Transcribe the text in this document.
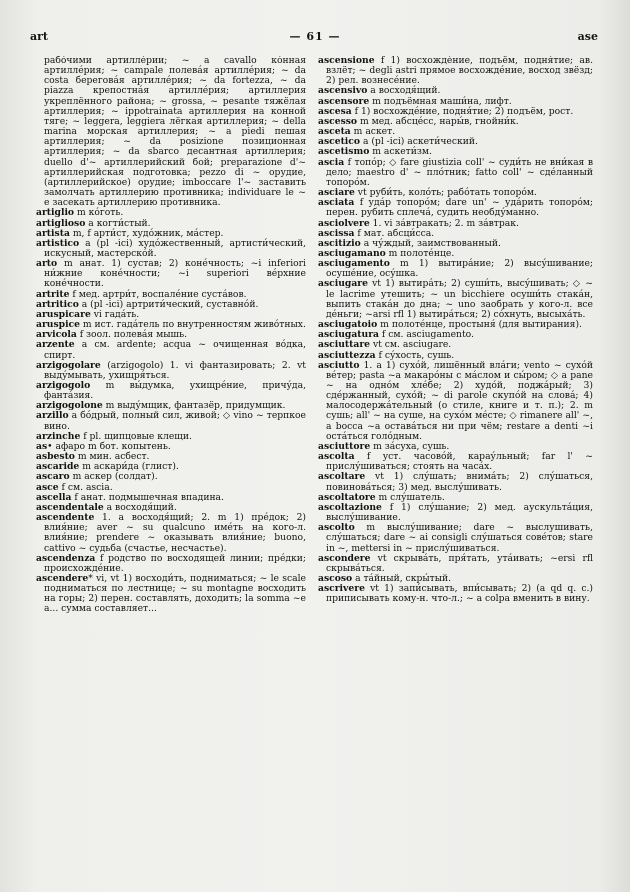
art	— 61 —	ase

рабо́чими артилле́рии; ~ a cavallo ко́нная артилле́рия; ~ campale полева́я артилле́рия; ~ da costa берегова́я артилле́рия; ~ da fortezza, ~ da piazza крепостна́я артилле́рия; артиллерия укреплённого района; ~ grossa, ~ pesante тяжёлая артиллерия; ~ ippotrainata артиллерия на конной тяге; ~ leggera, leggiera лёгкая артиллерия; ~ della marina морская артиллерия; ~ a piedi пешая артиллерия; ~ da posizione позиционная артиллерия; ~ da sbarco десантная артиллерия; duello d'~ артиллерийский бой; preparazione d'~ артиллерийская подготовка; pezzo di ~ орудие, (артиллерийское) орудие; imboccare l'~ заставить замолчать артиллерию противника; individuare le ~ e засекать артиллерию противника.

artiglio m ко́готь.

artiglioso a когти́стый.

artista m, f арти́ст, худо́жник, ма́стер.

artistico a (pl -ici) худо́жественный, артисти́ческий, искусный, мастерско́й.

arto m анат. 1) сустав; 2) коне́чность; ~i inferiori ни́жние коне́чности; ~i superiori ве́рхние коне́чности.

artrite f мед. артри́т, воспале́ние суста́вов.

artritico a (pl -ici) артрити́ческий, суставно́й.

aruspicare vi гада́ть.

aruspice m ист. гада́тель по внутренностям живо́тных.

arvicola f зоол. полева́я мышь.

arzente a см. ardente; acqua ~ очищенная во́дка, спирт.

arzigogolare (arzigogolo) 1. vi фантазировать; 2. vt выду́мывать, ухищря́ться.

arzigogolo m вы́думка, ухищре́ние, причу́да, фанта́зия.

arzigogolone m выду́мщик, фантазёр, придумщик.

arzillo a бо́дрый, полный сил, живой; ◇ vino ~ терпкое вино.

arzinche f pl. щипцовые клещи.

as• афаро m бот. копытень.

asbesto m мин. асбест.

ascaride m аскари́да (глист).

ascaro m аскер (солдат).

asce f см. ascia.

ascella f анат. подмышечная впадина.

ascendentale a восходя́щий.

ascendente 1. a восходя́щий; 2. m 1) пре́док; 2) влия́ние; aver ~ su qualcuno име́ть на кого-л. влия́ние; prendere ~ оказывать влия́ние; buono, cattivo ~ судьба (счастье, несчастье).

ascendenza f родство по восходящей линии; пре́дки; происхожде́ние.

ascendere* vi, vt 1) восходи́ть, подниматься; ~ le scale подниматься по лестнице; ~ su montagne восходить на горы; 2) перен. составлять, доходить; la somma ~e a... сумма составляет...

ascensione f 1) восхожде́ние, подъём, подня́тие; ав. взлёт; ~ degli astri прямое восхожде́ние, восход звёзд; 2) рел. вознесе́ние.

ascensivo a восходя́щий.

ascensore m подъёмная маши́на, лифт.

ascesa f 1) восхожде́ние, подня́тие; 2) подъём, рост.

ascesso m мед. абсце́сс, нары́в, гнойни́к.

asceta m аскет.

ascetico a (pl -ici) аскети́ческий.

ascetismo m аскети́зм.

ascia f топо́р; ◇ fare giustizia coll' ~ суди́ть не вни́кая в дело; maestro d' ~ пло́тник; fatto coll' ~ сде́ланный топоро́м.

asciare vt руби́ть, коло́ть; рабо́тать топоро́м.

asciata f уда́р топоро́м; dare un' ~ уда́рить топоро́м; перен. рубить сплеча́, судить необду́манно.

asciolvere 1. vi за́втракать; 2. m за́втрак.

ascissa f мат. абсци́сса.

ascitizio a чу́ждый, заимствованный.

asciugamano m полоте́нце.

asciugamento m 1) вытира́ние; 2) высу́шивание; осуше́ние, осу́шка.

asciugare vt 1) вытира́ть; 2) суши́ть, высу́шивать; ◇ ~ le lacrime утешить; ~ un bicchiere осуши́ть стака́н, выпить стака́н до дна; ~ uno заобрать у кого-л. все де́ньги; ~arsi rfl 1) вытира́ться; 2) со́хнуть, высыха́ть.

asciugatoio m полоте́нце, простыня́ (для вытирания).

asciugatura f см. asciugamento.

asciuttare vt см. asciugare.

asciuttezza f су́хость, сушь.

asciutto 1. a 1) сухо́й, лишённый вла́ги; vento ~ сухо́й ве́тер; pasta ~a макаро́ны с ма́слом и сы́ром; ◇ a pane ~ на одно́м хле́бе; 2) худо́й, поджа́рый; 3) сде́ржанный, сухо́й; ~ di parole скупо́й на слова́; 4) малосодержа́тельный (о стиле, книге и т. п.); 2. m сушь; all' ~ на суше, на сухо́м ме́сте; ◇ rimanere all' ~, a bocca ~a остава́ться ни при чём; restare a denti ~i оста́ться голо́дным.

asciuttore m за́суха, сушь.

ascolta f уст. часово́й, карау́льный; far l' ~ прислу́шиваться; стоять на часа́х.

ascoltare vt 1) слу́шать; внима́ть; 2) слу́шаться, повинова́ться; 3) мед. выслу́шивать.

ascoltatore m слу́шатель.

ascoltazione f 1) слу́шание; 2) мед. аускульта́ция, выслу́шивание.

ascolto m выслу́шивание; dare ~ выслушивать, слу́шаться; dare ~ ai consigli слу́шаться сове́тов; stare in ~, mettersi in ~ прислу́шиваться.

ascondere vt скрыва́ть, пря́тать, ута́ивать; ~ersi rfl скрыва́ться.

ascoso a та́йный, скры́тый.

ascrivere vt 1) запи́сывать, впи́сывать; 2) (a qd q. c.) приписывать кому-н. что-л.; ~ a colpa вменить в вину.
